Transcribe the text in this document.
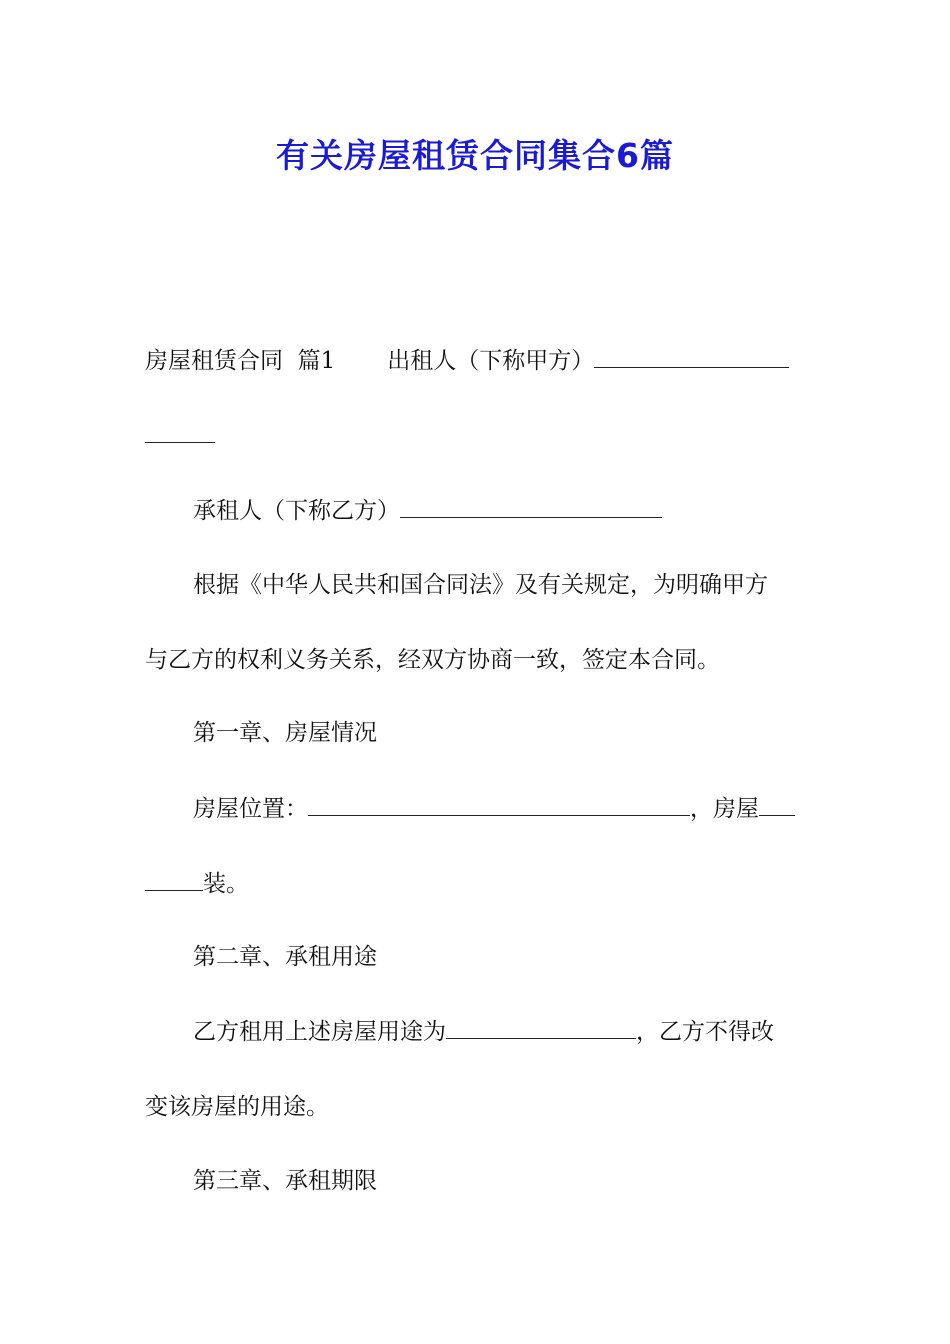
有关房屋租赁合同集合6篇
房屋租赁合同  篇1 出租人（下称甲方）
承租人（下称乙方）
根据《中华人民共和国合同法》及有关规定，为明确甲方
与乙方的权利义务关系，经双方协商一致，签定本合同。
第一章、房屋情况
房屋位置：	，房屋
装。
第二章、承租用途
乙方租用上述房屋用途为	，乙方不得改
变该房屋的用途。
第三章、承租期限
